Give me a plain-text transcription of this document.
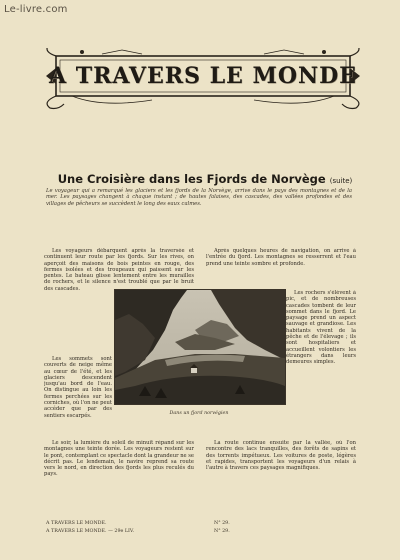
Le-livre.com
A TRAVERS LE MONDE
Une Croisière dans les Fjords de Norvège (suite)
Le voyageur qui a remarqué les glaciers et les fjords de la Norvège, arrive dans le pays des montagnes et de la mer. Les paysages changent à chaque instant ; de hautes falaises, des cascades, des vallées profondes et des villages de pêcheurs se succèdent le long des eaux calmes.

Les voyageurs débarquent après la traversée et continuent leur route par les fjords. Sur les rives, on aperçoit des maisons de bois peintes en rouge, des fermes isolées et des troupeaux qui paissent sur les pentes. Le bateau glisse lentement entre les murailles de rochers, et le silence n'est troublé que par le bruit des cascades.

Les sommets sont couverts de neige même au cœur de l'été, et les glaciers descendent jusqu'au bord de l'eau. On distingue au loin les fermes perchées sur les corniches, où l'on ne peut accéder que par des sentiers escarpés.

Le soir, la lumière du soleil de minuit répand sur les montagnes une teinte dorée. Les voyageurs restent sur le pont, contemplant ce spectacle dont la grandeur ne se décrit pas. Le lendemain, le navire reprend sa route vers le nord, en direction des fjords les plus reculés du pays.

Après quelques heures de navigation, on arrive à l'entrée du fjord. Les montagnes se resserrent et l'eau prend une teinte sombre et profonde.

Les rochers s'élèvent à pic, et de nombreuses cascades tombent de leur sommet dans le fjord. Le paysage prend un aspect sauvage et grandiose. Les habitants vivent de la pêche et de l'élevage ; ils sont hospitaliers et accueillent volontiers les étrangers dans leurs demeures simples.

La route continue ensuite par la vallée, où l'on rencontre des lacs tranquilles, des forêts de sapins et des torrents impétueux. Les voitures de poste, légères et rapides, transportent les voyageurs d'un relais à l'autre à travers ces paysages magnifiques.

Dans un fjord norvégien
A TRAVERS LE MONDE.	N° 29.
A TRAVERS LE MONDE. — 29e LIV.	N° 29.
